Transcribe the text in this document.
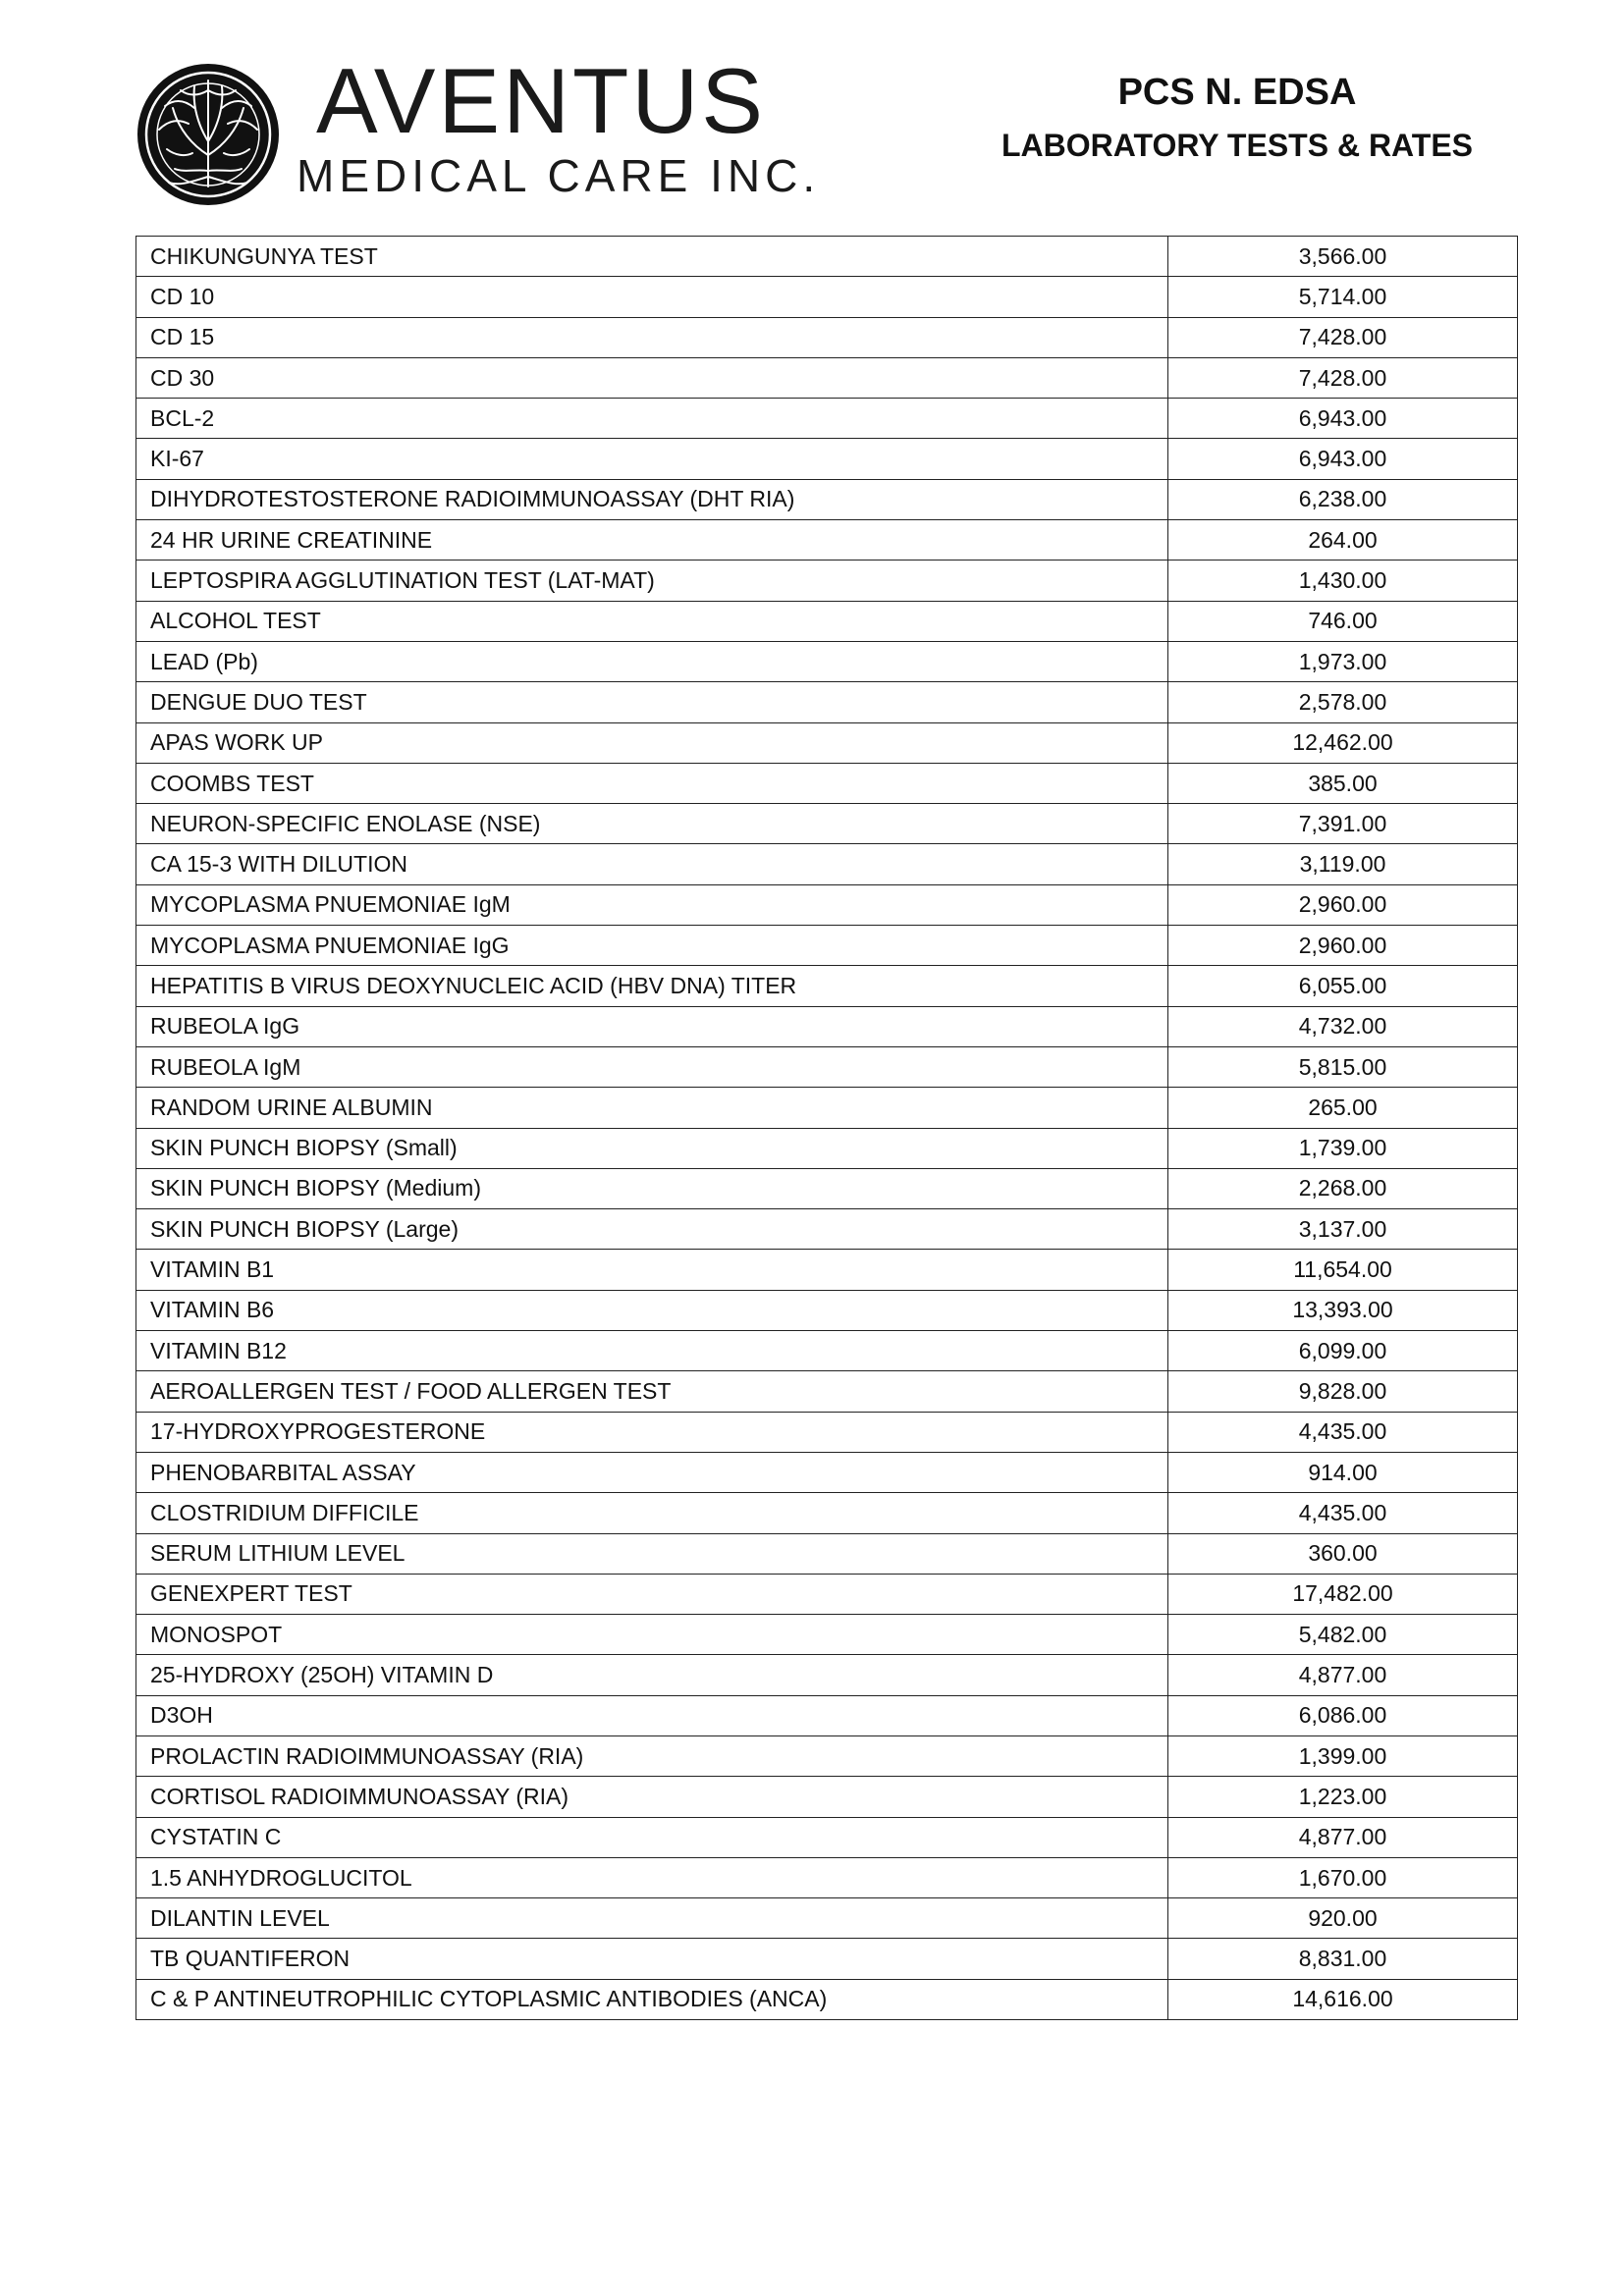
AVENTUS
MEDICAL CARE INC.
PCS N. EDSA
LABORATORY TESTS & RATES
CHIKUNGUNYA TEST	3,566.00
CD 10	5,714.00
CD 15	7,428.00
CD 30	7,428.00
BCL-2	6,943.00
KI-67	6,943.00
DIHYDROTESTOSTERONE RADIOIMMUNOASSAY (DHT RIA)	6,238.00
24 HR URINE CREATININE	264.00
LEPTOSPIRA AGGLUTINATION TEST (LAT-MAT)	1,430.00
ALCOHOL TEST	746.00
LEAD (Pb)	1,973.00
DENGUE DUO TEST	2,578.00
APAS WORK UP	12,462.00
COOMBS TEST	385.00
NEURON-SPECIFIC ENOLASE (NSE)	7,391.00
CA 15-3 WITH DILUTION	3,119.00
MYCOPLASMA PNUEMONIAE IgM	2,960.00
MYCOPLASMA PNUEMONIAE IgG	2,960.00
HEPATITIS B VIRUS DEOXYNUCLEIC ACID (HBV DNA) TITER	6,055.00
RUBEOLA IgG	4,732.00
RUBEOLA IgM	5,815.00
RANDOM URINE ALBUMIN	265.00
SKIN PUNCH BIOPSY (Small)	1,739.00
SKIN PUNCH BIOPSY (Medium)	2,268.00
SKIN PUNCH BIOPSY (Large)	3,137.00
VITAMIN B1	11,654.00
VITAMIN B6	13,393.00
VITAMIN B12	6,099.00
AEROALLERGEN TEST / FOOD ALLERGEN TEST	9,828.00
17-HYDROXYPROGESTERONE	4,435.00
PHENOBARBITAL ASSAY	914.00
CLOSTRIDIUM DIFFICILE	4,435.00
SERUM LITHIUM LEVEL	360.00
GENEXPERT TEST	17,482.00
MONOSPOT	5,482.00
25-HYDROXY (25OH) VITAMIN D	4,877.00
D3OH	6,086.00
PROLACTIN RADIOIMMUNOASSAY (RIA)	1,399.00
CORTISOL RADIOIMMUNOASSAY (RIA)	1,223.00
CYSTATIN C	4,877.00
1.5 ANHYDROGLUCITOL	1,670.00
DILANTIN LEVEL	920.00
TB QUANTIFERON	8,831.00
C & P ANTINEUTROPHILIC CYTOPLASMIC ANTIBODIES (ANCA)	14,616.00
